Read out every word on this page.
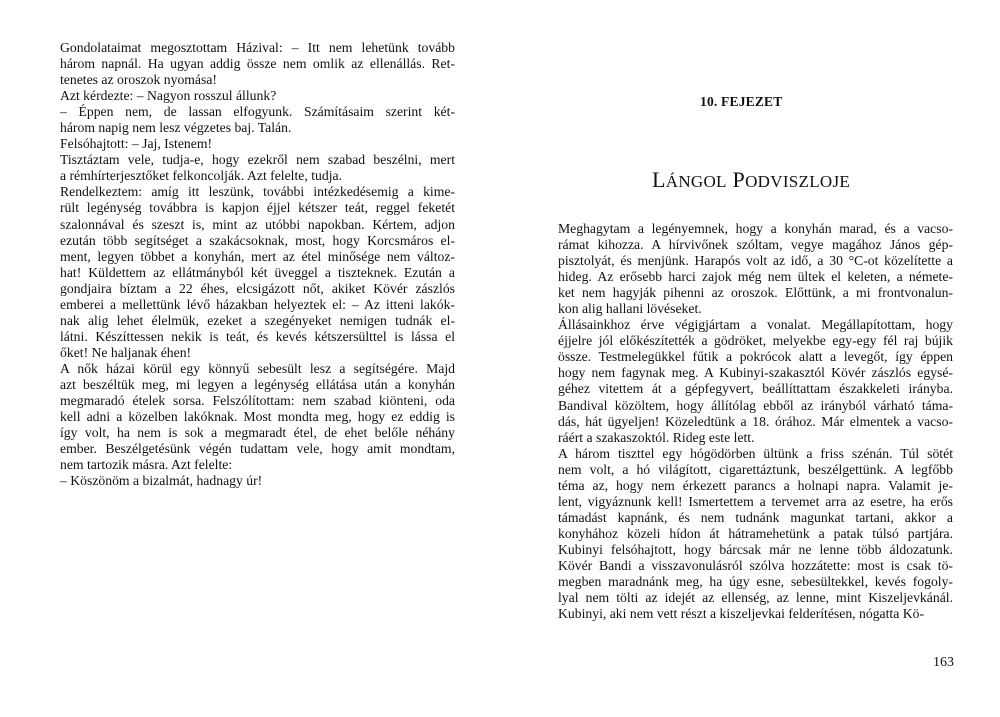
Gondolataimat megosztottam Házival: – Itt nem lehetünk tovább
három napnál. Ha ugyan addig össze nem omlik az ellenállás. Ret-
tenetes az oroszok nyomása!

Azt kérdezte: – Nagyon rosszul állunk?

– Éppen nem, de lassan elfogyunk. Számításaim szerint két-
három napig nem lesz végzetes baj. Talán.

Felsóhajtott: – Jaj, Istenem!

Tisztáztam vele, tudja-e, hogy ezekről nem szabad beszélni, mert
a rémhírterjesztőket felkoncolják. Azt felelte, tudja.

Rendelkeztem: amíg itt leszünk, további intézkedésemig a kime-
rült legénység továbbra is kapjon éjjel kétszer teát, reggel feketét
szalonnával és szeszt is, mint az utóbbi napokban. Kértem, adjon
ezután több segítséget a szakácsoknak, most, hogy Korcsmáros el-
ment, legyen többet a konyhán, mert az étel minősége nem változ-
hat! Küldettem az ellátmányból két üveggel a tiszteknek. Ezután a
gondjaira bíztam a 22 éhes, elcsigázott nőt, akiket Kövér zászlós
emberei a mellettünk lévő házakban helyeztek el: – Az itteni lakók-
nak alig lehet élelmük, ezeket a szegényeket nemigen tudnák el-
látni. Készíttessen nekik is teát, és kevés kétszersülttel is lássa el
őket! Ne haljanak éhen!

A nők házai körül egy könnyű sebesült lesz a segítségére. Majd
azt beszéltük meg, mi legyen a legénység ellátása után a konyhán
megmaradó ételek sorsa. Felszólítottam: nem szabad kiönteni, oda
kell adni a közelben lakóknak. Most mondta meg, hogy ez eddig is
így volt, ha nem is sok a megmaradt étel, de ehet belőle néhány
ember. Beszélgetésünk végén tudattam vele, hogy amit mondtam,
nem tartozik másra. Azt felelte:

– Köszönöm a bizalmát, hadnagy úr!

10. FEJEZET
LÁNGOL PODVISZLOJE

Meghagytam a legényemnek, hogy a konyhán marad, és a vacso-
rámat kihozza. A hírvivőnek szóltam, vegye magához János gép-
pisztolyát, és menjünk. Harapós volt az idő, a 30 °C-ot közelítette a
hideg. Az erősebb harci zajok még nem ültek el keleten, a németе-
ket nem hagyják pihenni az oroszok. Előttünk, a mi frontvonalun-
kon alig hallani lövéseket.

Állásainkhoz érve végigjártam a vonalat. Megállapítottam, hogy
éjjelre jól előkészítették a gödröket, melyekbe egy-egy fél raj bújik
össze. Testmelegükkel fűtik a pokrócok alatt a levegőt, így éppen
hogy nem fagynak meg. A Kubinyi-szakasztól Kövér zászlós egysé-
géhez vitettem át a gépfegyvert, beállíttattam északkeleti irányba.
Bandival közöltem, hogy állítólag ebből az irányból várható táma-
dás, hát ügyeljen! Közeledtünk a 18. órához. Már elmentek a vacso-
ráért a szakaszoktól. Rideg este lett.

A három tiszttel egy hógödörben ültünk a friss szénán. Túl sötét
nem volt, a hó világított, cigarettáztunk, beszélgettünk. A legfőbb
téma az, hogy nem érkezett parancs a holnapi napra. Valamit je-
lent, vigyáznunk kell! Ismertettem a tervemet arra az esetre, ha erős
támadást kapnánk, és nem tudnánk magunkat tartani, akkor a
konyhához közeli hídon át hátramehetünk a patak túlsó partjára.
Kubinyi felsóhajtott, hogy bárcsak már ne lenne több áldozatunk.
Kövér Bandi a visszavonulásról szólva hozzátette: most is csak tö-
megben maradnánk meg, ha úgy esne, sebesültekkel, kevés fogoly-
lyal nem tölti az idejét az ellenség, az lenne, mint Kiszeljevkánál.
Kubinyi, aki nem vett részt a kiszeljevkai felderítésen, nógatta Kö-

163
